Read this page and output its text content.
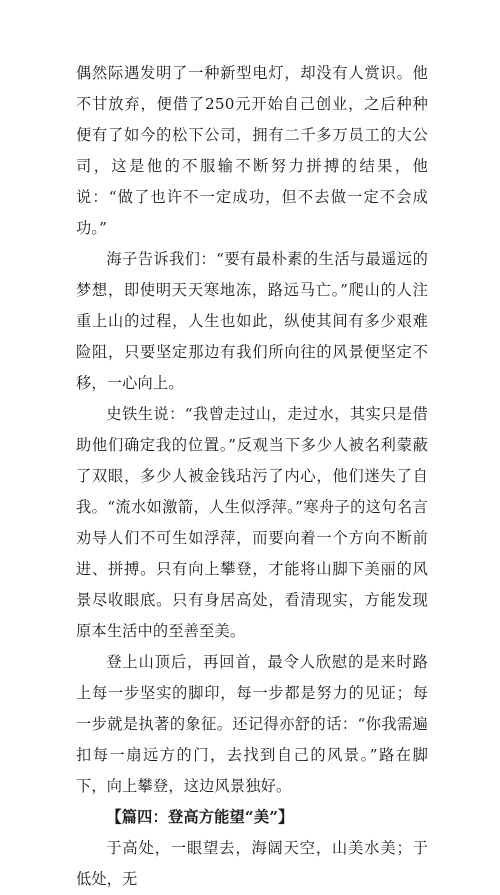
偶然际遇发明了一种新型电灯，却没有人赏识。他不甘放弃，便借了250元开始自己创业，之后种种便有了如今的松下公司，拥有二千多万员工的大公司，这是他的不服输不断努力拼搏的结果，他说：“做了也许不一定成功，但不去做一定不会成功。”

海子告诉我们：“要有最朴素的生活与最遥远的梦想，即使明天天寒地冻，路远马亡。”爬山的人注重上山的过程，人生也如此，纵使其间有多少艰难险阻，只要坚定那边有我们所向往的风景便坚定不移，一心向上。

史铁生说：“我曾走过山，走过水，其实只是借助他们确定我的位置。”反观当下多少人被名利蒙蔽了双眼，多少人被金钱玷污了内心，他们迷失了自我。“流水如激箭，人生似浮萍。”寒舟子的这句名言劝导人们不可生如浮萍，而要向着一个方向不断前进、拼搏。只有向上攀登，才能将山脚下美丽的风景尽收眼底。只有身居高处，看清现实，方能发现原本生活中的至善至美。

登上山顶后，再回首，最令人欣慰的是来时路上每一步坚实的脚印，每一步都是努力的见证；每一步就是执著的象征。还记得亦舒的话：“你我需遍扣每一扇远方的门，去找到自己的风景。”路在脚下，向上攀登，这边风景独好。

【篇四：登高方能望“美”】

于高处，一眼望去，海阔天空，山美水美；于低处，无
